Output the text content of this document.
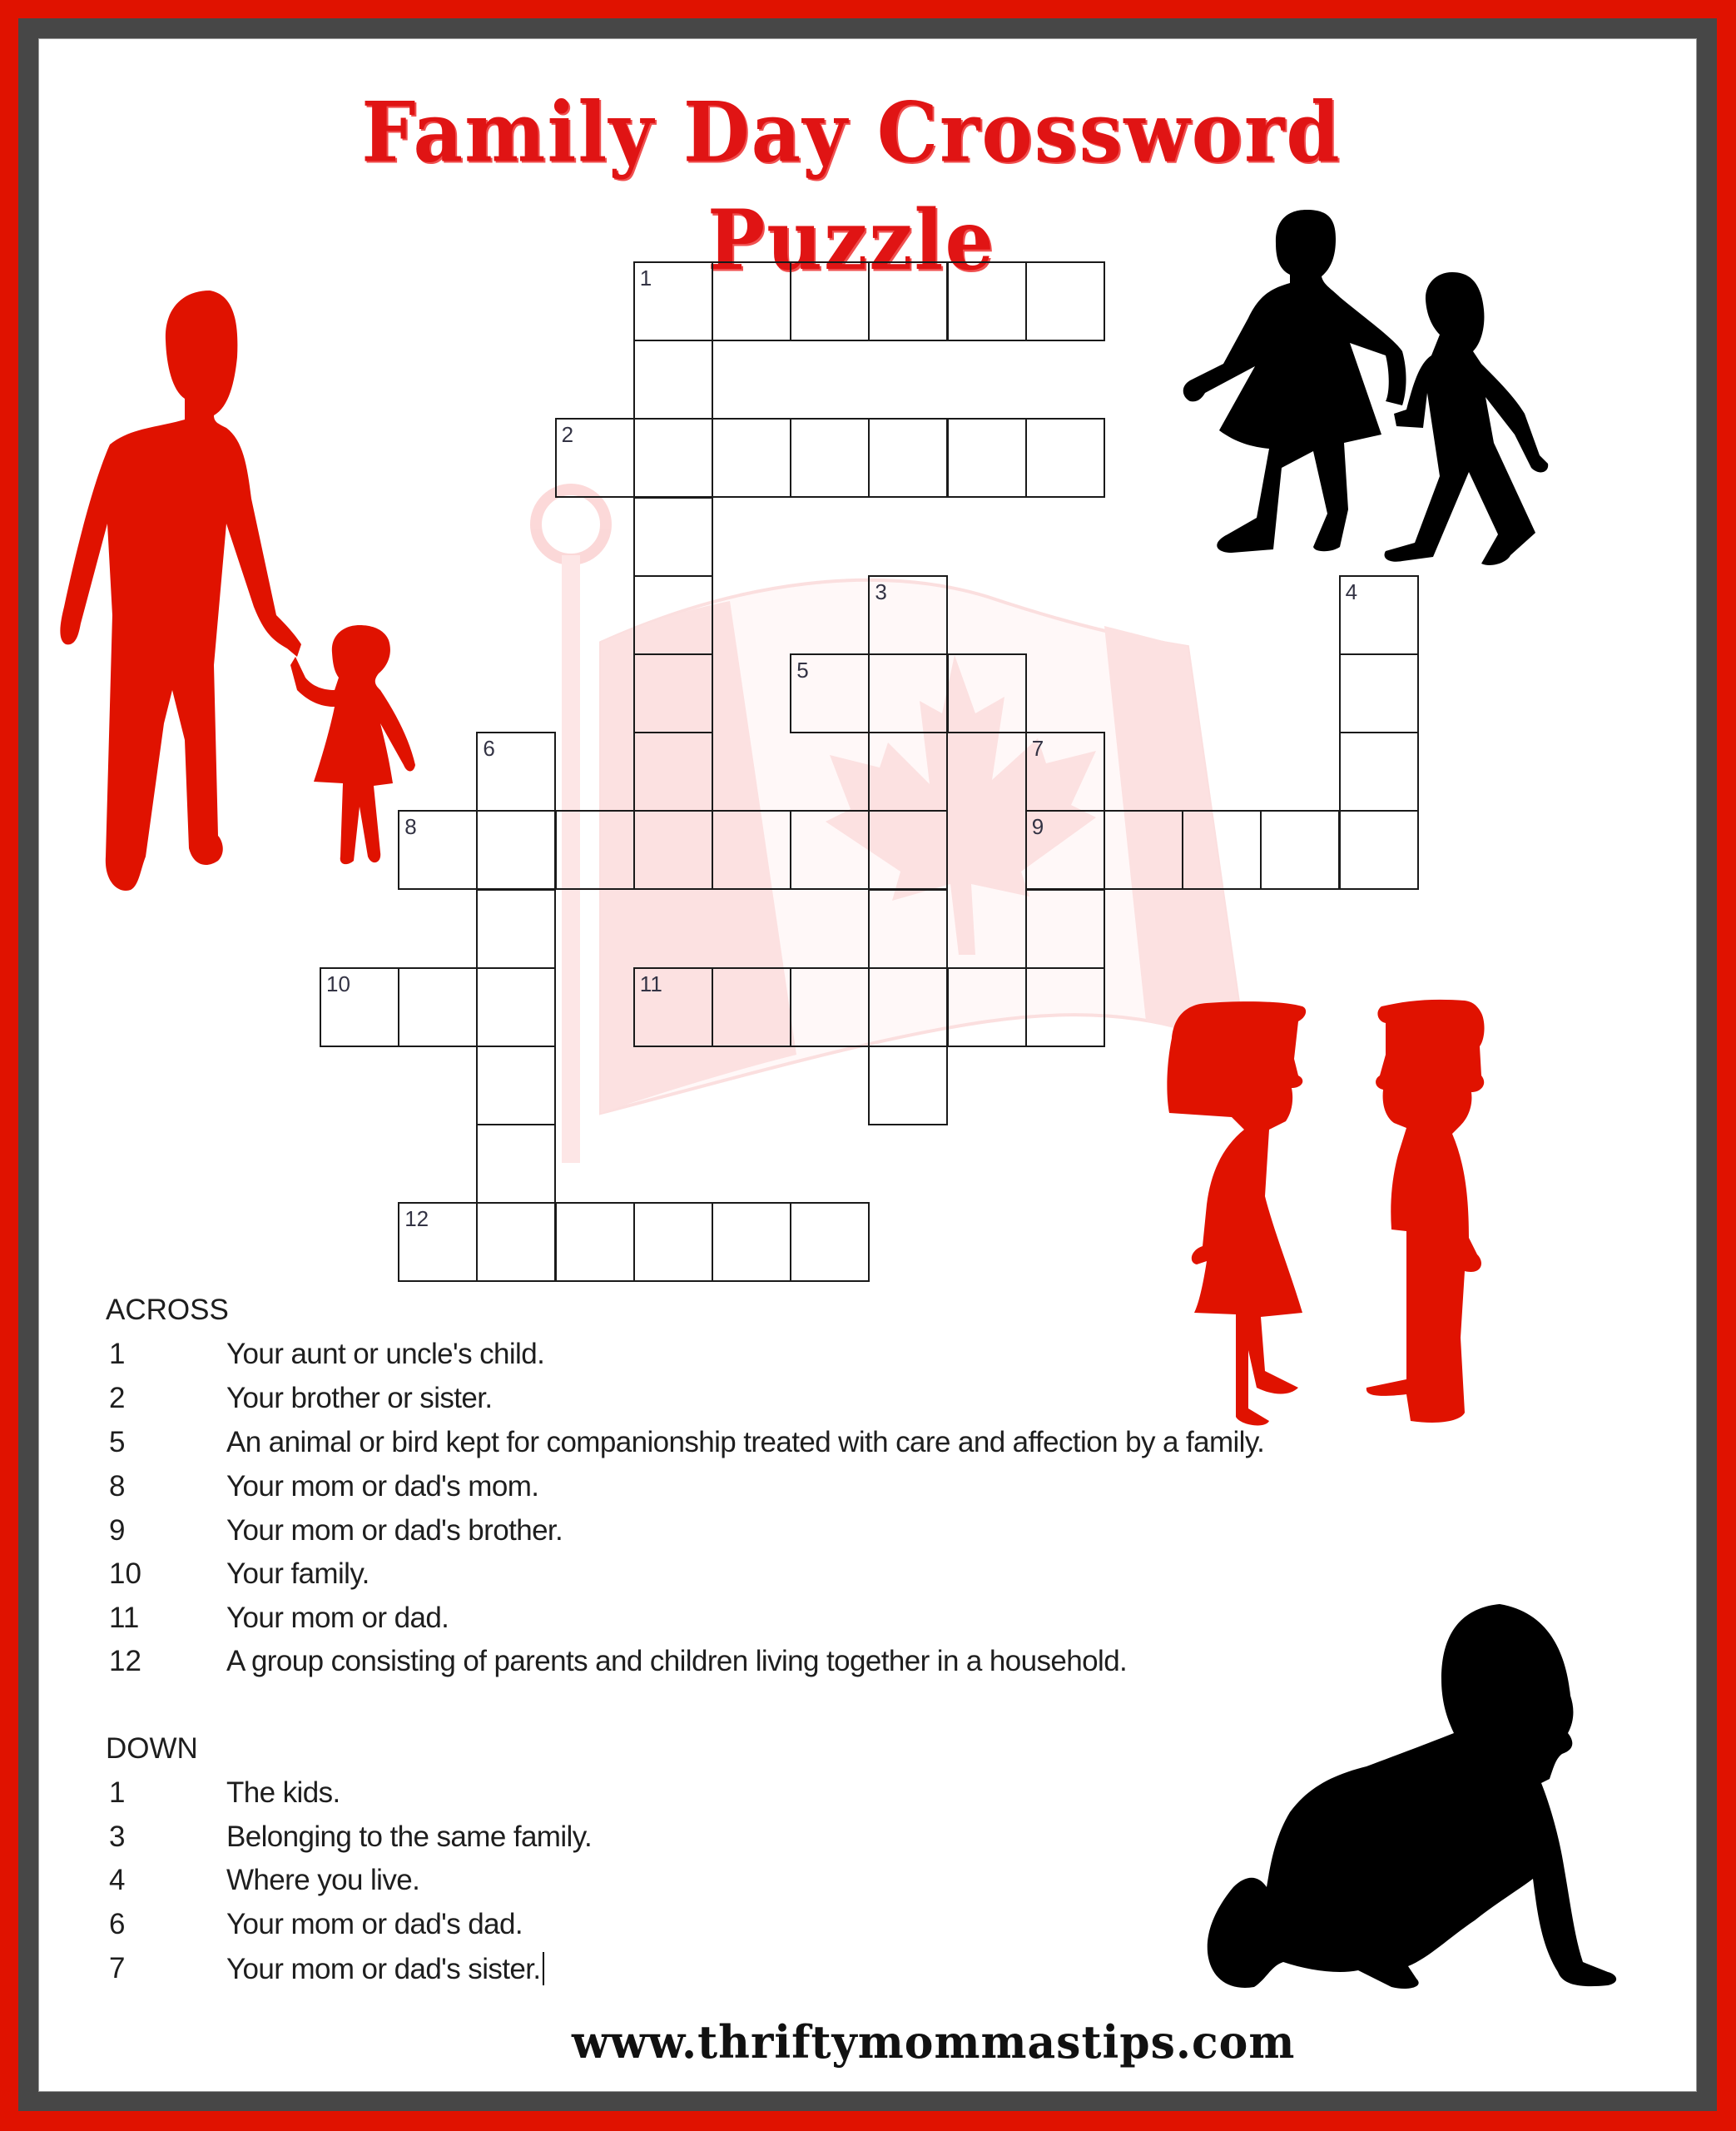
Family Day Crossword Puzzle
1
2
3	4
5
6	7
9
8
10	11
12
ACROSS
1	Your aunt or uncle's child.
2	Your brother or sister.
5	An animal or bird kept for companionship treated with care and affection by a family.
8	Your mom or dad's mom.
9	Your mom or dad's brother.
10	Your family.
11	Your mom or dad.
12	A group consisting of parents and children living together in a household.
DOWN
1	The kids.
3	Belonging to the same family.
4	Where you live.
6	Your mom or dad's dad.
7	Your mom or dad's sister.
www.thriftymommastips.com
